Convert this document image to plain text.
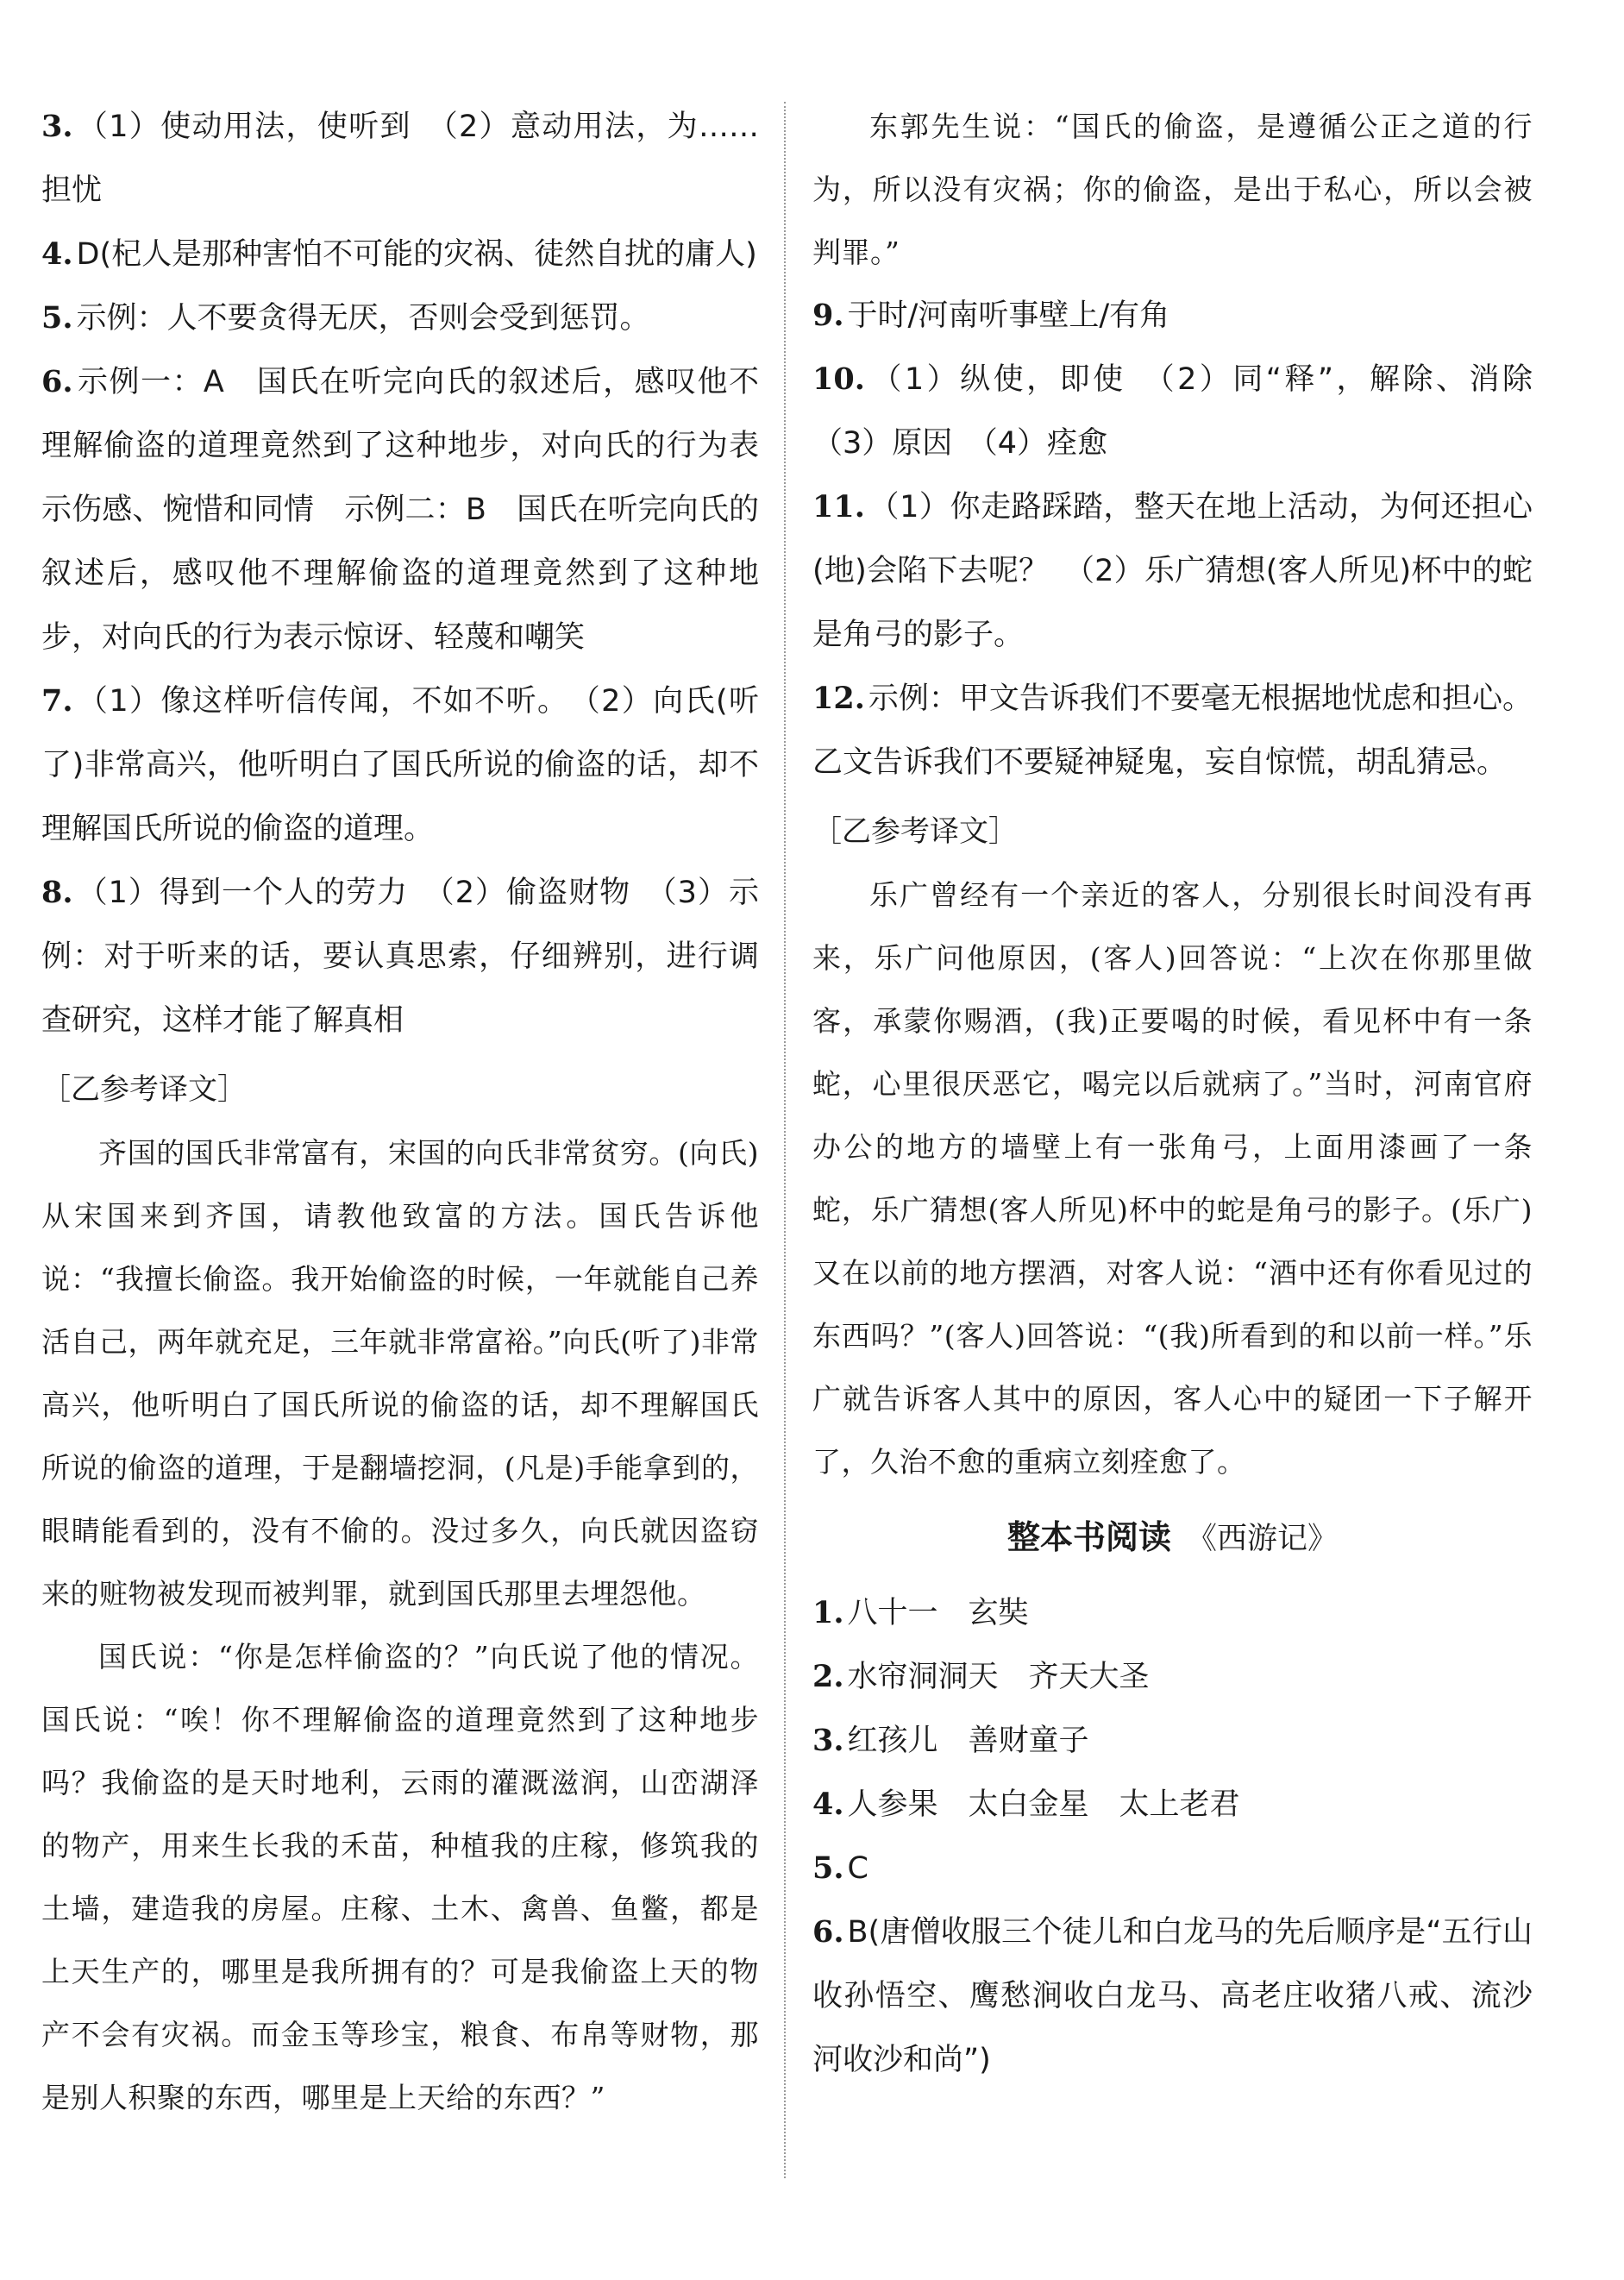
3. （1）使动用法，使听到　（2）意动用法，为……担忧

4. D(杞人是那种害怕不可能的灾祸、徒然自扰的庸人)

5. 示例：人不要贪得无厌，否则会受到惩罚。

6. 示例一：A　国氏在听完向氏的叙述后，感叹他不理解偷盗的道理竟然到了这种地步，对向氏的行为表示伤感、惋惜和同情　示例二：B　国氏在听完向氏的叙述后，感叹他不理解偷盗的道理竟然到了这种地步，对向氏的行为表示惊讶、轻蔑和嘲笑

7. （1）像这样听信传闻，不如不听。　（2）向氏(听了)非常高兴，他听明白了国氏所说的偷盗的话，却不理解国氏所说的偷盗的道理。

8. （1）得到一个人的劳力　（2）偷盗财物　（3）示例：对于听来的话，要认真思索，仔细辨别，进行调查研究，这样才能了解真相

［乙参考译文］

齐国的国氏非常富有，宋国的向氏非常贫穷。(向氏)从宋国来到齐国，请教他致富的方法。国氏告诉他说：“我擅长偷盗。我开始偷盗的时候，一年就能自己养活自己，两年就充足，三年就非常富裕。”向氏(听了)非常高兴，他听明白了国氏所说的偷盗的话，却不理解国氏所说的偷盗的道理，于是翻墙挖洞，(凡是)手能拿到的，眼睛能看到的，没有不偷的。没过多久，向氏就因盗窃来的赃物被发现而被判罪，就到国氏那里去埋怨他。

国氏说：“你是怎样偷盗的？”向氏说了他的情况。国氏说：“唉！你不理解偷盗的道理竟然到了这种地步吗？我偷盗的是天时地利，云雨的灌溉滋润，山峦湖泽的物产，用来生长我的禾苗，种植我的庄稼，修筑我的土墙，建造我的房屋。庄稼、土木、禽兽、鱼鳖，都是上天生产的，哪里是我所拥有的？可是我偷盗上天的物产不会有灾祸。而金玉等珍宝，粮食、布帛等财物，那是别人积聚的东西，哪里是上天给的东西？”

东郭先生说：“国氏的偷盗，是遵循公正之道的行为，所以没有灾祸；你的偷盗，是出于私心，所以会被判罪。”

9. 于时/河南听事壁上/有角

10. （1）纵使，即使　（2）同“释”，解除、消除　（3）原因　（4）痊愈

11. （1）你走路踩踏，整天在地上活动，为何还担心(地)会陷下去呢？　（2）乐广猜想(客人所见)杯中的蛇是角弓的影子。

12. 示例：甲文告诉我们不要毫无根据地忧虑和担心。乙文告诉我们不要疑神疑鬼，妄自惊慌，胡乱猜忌。

［乙参考译文］

乐广曾经有一个亲近的客人，分别很长时间没有再来，乐广问他原因，(客人)回答说：“上次在你那里做客，承蒙你赐酒，(我)正要喝的时候，看见杯中有一条蛇，心里很厌恶它，喝完以后就病了。”当时，河南官府办公的地方的墙壁上有一张角弓，上面用漆画了一条蛇，乐广猜想(客人所见)杯中的蛇是角弓的影子。(乐广)又在以前的地方摆酒，对客人说：“酒中还有你看见过的东西吗？”(客人)回答说：“(我)所看到的和以前一样。”乐广就告诉客人其中的原因，客人心中的疑团一下子解开了，久治不愈的重病立刻痊愈了。

整本书阅读 《西游记》

1. 八十一　玄奘

2. 水帘洞洞天　齐天大圣

3. 红孩儿　善财童子

4. 人参果　太白金星　太上老君

5. C

6. B(唐僧收服三个徒儿和白龙马的先后顺序是“五行山收孙悟空、鹰愁涧收白龙马、高老庄收猪八戒、流沙河收沙和尚”)
